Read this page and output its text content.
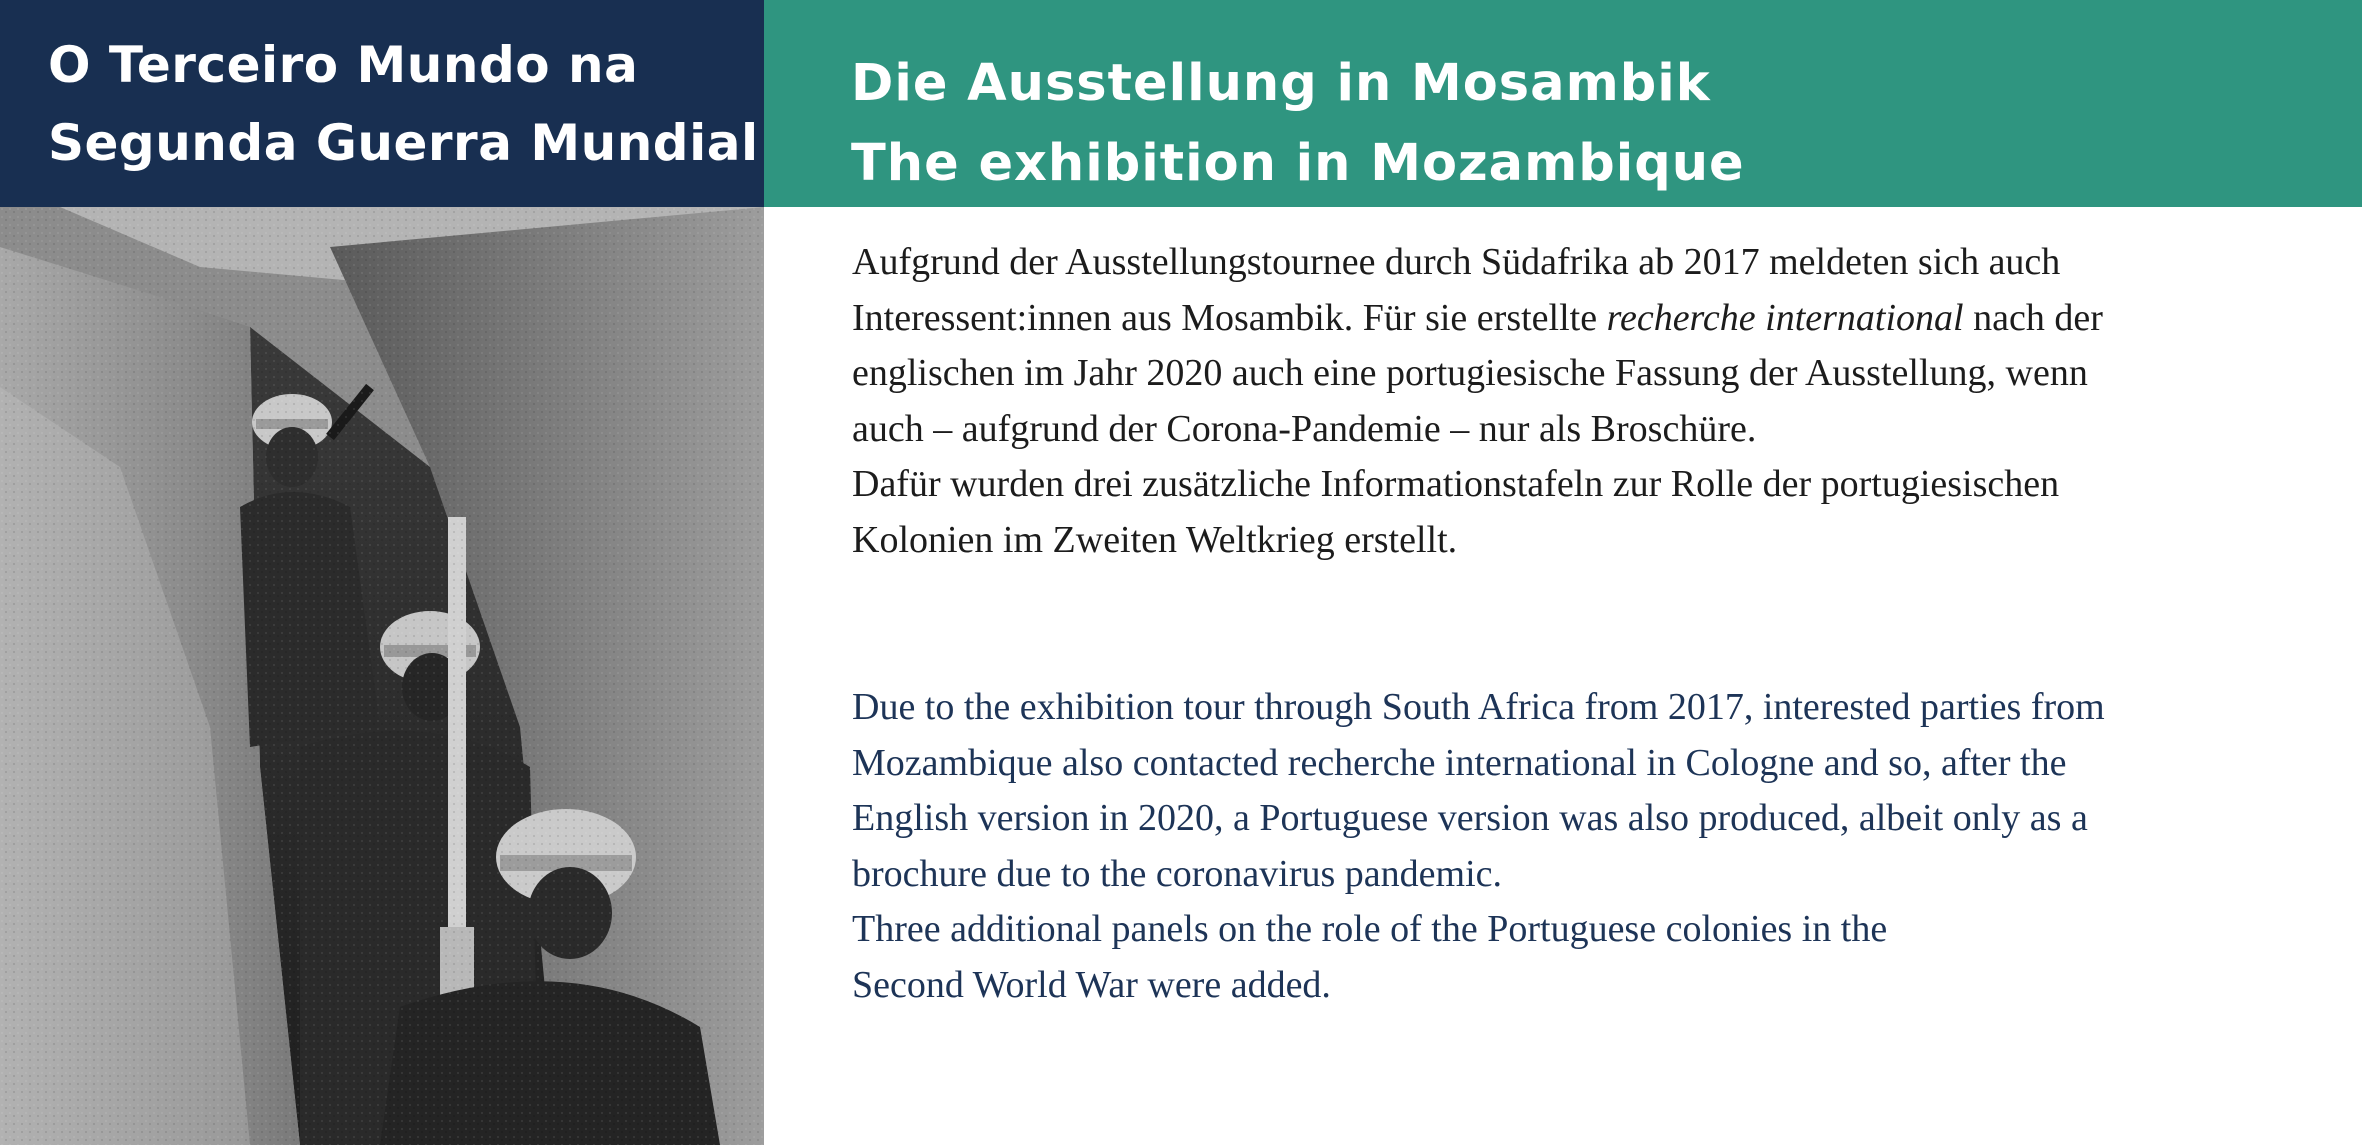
O Terceiro Mundo na
Segunda Guerra Mundial
Die Ausstellung in Mosambik
The exhibition in Mozambique
Aufgrund der Ausstellungstournee durch Südafrika ab 2017 meldeten sich auch
Interessent:innen aus Mosambik. Für sie erstellte recherche international nach der
englischen im Jahr 2020 auch eine portugiesische Fassung der Ausstellung, wenn
auch – aufgrund der Corona-Pandemie – nur als Broschüre.
Dafür wurden drei zusätzliche Informationstafeln zur Rolle der portugiesischen
Kolonien im Zweiten Weltkrieg erstellt.
Due to the exhibition tour through South Africa from 2017, interested parties from
Mozambique also contacted recherche international in Cologne and so, after the
English version in 2020, a Portuguese version was also produced, albeit only as a
brochure due to the coronavirus pandemic.
Three additional panels on the role of the Portuguese colonies in the
Second World War were added.
